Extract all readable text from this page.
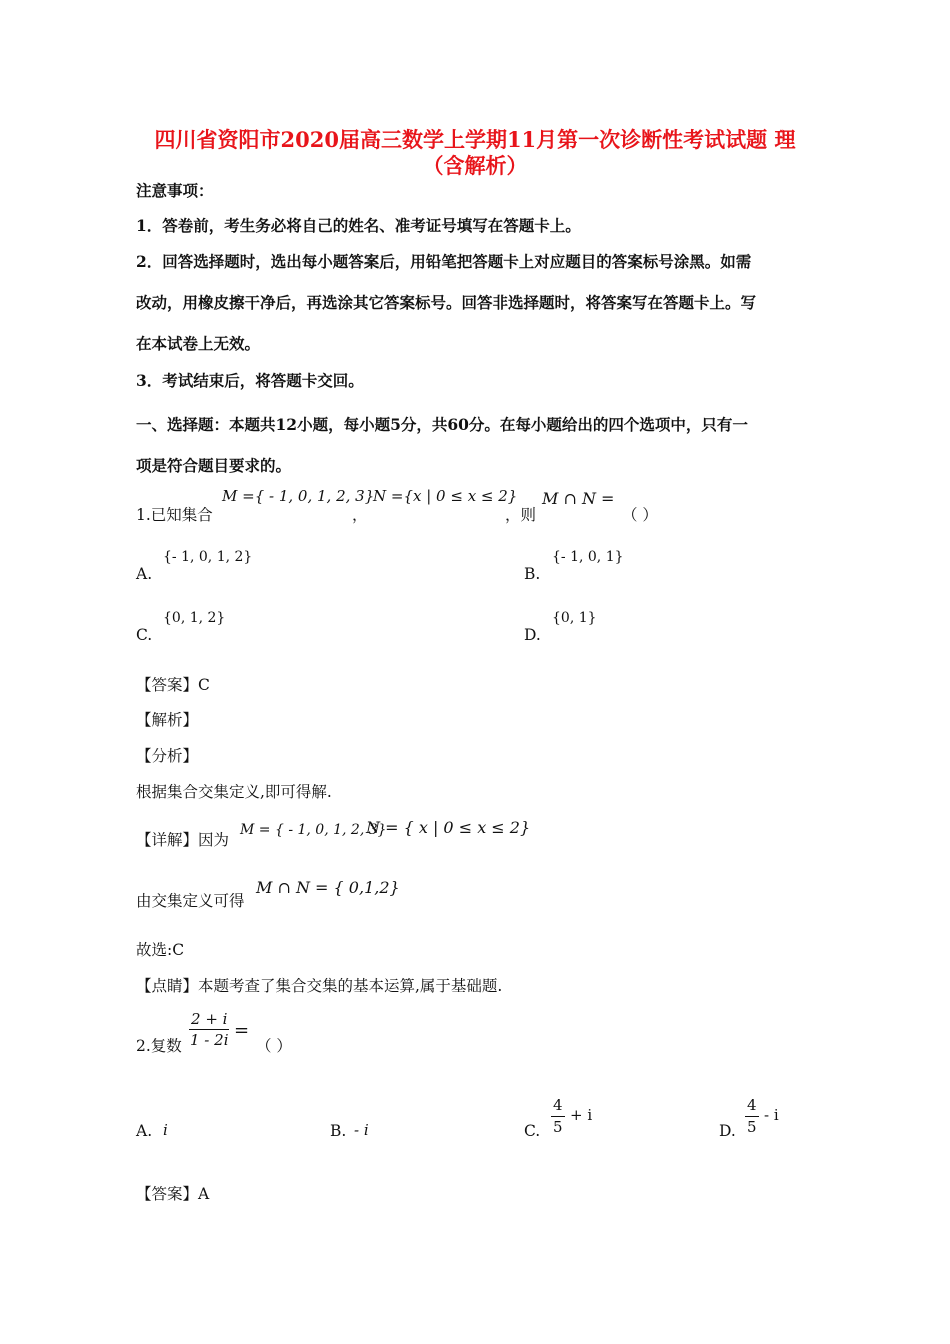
四川省资阳市2020届高三数学上学期11月第一次诊断性考试试题 理
（含解析）
注意事项：
1．答卷前，考生务必将自己的姓名、准考证号填写在答题卡上。
2．回答选择题时，选出每小题答案后，用铅笔把答题卡上对应题目的答案标号涂黑。如需
改动，用橡皮擦干净后，再选涂其它答案标号。回答非选择题时，将答案写在答题卡上。写
在本试卷上无效。
3．考试结束后，将答题卡交回。
一、选择题：本题共12小题，每小题5分，共60分。在每小题给出的四个选项中，只有一
项是符合题目要求的。
1.已知集合
M ={ - 1, 0, 1, 2, 3}
，
N ={x | 0 ≤ x ≤ 2}
，则
M ∩ N =
（ ）
{- 1, 0, 1, 2}
A.
{- 1, 0, 1}
B.
{0, 1, 2}
C.
{0, 1}
D.
【答案】C
【解析】
【分析】
根据集合交集定义,即可得解.
【详解】因为
M = { - 1, 0, 1, 2, 3}
N = { x | 0 ≤ x ≤ 2}
由交集定义可得
M ∩ N = { 0,1,2}
故选:C
【点睛】本题考查了集合交集的基本运算,属于基础题.
2.复数 $\frac{2 + i}{1 - 2i}$ =
（ ）
A. i	B. - i	C. $\frac{4}{5} + i$
D. $\frac{4}{5}$ - i
【答案】A
